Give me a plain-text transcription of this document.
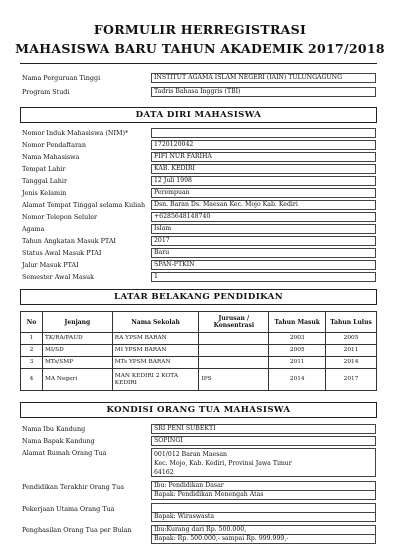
FORMULIR HERREGISTRASI
MAHASISWA BARU TAHUN AKADEMIK 2017/2018
Nama Perguruan Tinggi	INSTITUT AGAMA ISLAM NEGERI (IAIN) TULUNGAGUNG
Program Studi	Tadris Bahasa Inggris (TBI)
DATA DIRI MAHASISWA
Nomor Induk Mahasiswa (NIM)*
Nomor Pendaftaran	1720120042
Nama Mahasiswa	FIFI NUR FARIHA
Tempat Lahir	KAB. KEDIRI
Tanggal Lahir	12 Juli 1998
Jenis Kelamin	Perempuan
Alamat Tempat Tinggal selama Kuliah	Dsn. Baran Ds. Maesan Kec. Mojo Kab. Kediri
Nomor Telepon Seluler	+6285648148740
Agama	Islam
Tahun Angkatan Masuk PTAI	2017
Status Awal Masuk PTAI	Baru
Jalur Masuk PTAI	SPAN-PTKIN
Semester Awal Masuk	1
LATAR BELAKANG PENDIDIKAN
No	Jenjang	Nama Sekolah	Jurusan / Konsentrasi	Tahun Masuk	Tahun Lulus
1	TK/RA/PAUD	RA YPSM BARAN		2003	2005
2	MI/SD	MI YPSM BARAN		2005	2011
3	MTs/SMP	MTs YPSM BARAN		2011	2014
4	MA Negeri	MAN KEDIRI 2 KOTA KEDIRI	IPS	2014	2017
KONDISI ORANG TUA MAHASISWA
Nama Ibu Kandung	SRI PENI SUBEKTI
Nama Bapak Kandung	SOPINGI
Alamat Rumah Orang Tua	001/012 Baran Maesan
Kec. Mojo, Kab. Kediri, Provinsi Jawa Timur
64162
Pendidikan Terakhir Orang Tua	Ibu: Pendidikan Dasar
Bapak: Pendidikan Menengah Atas
Pekerjaan Utama Orang Tua
Bapak: Wiraswasta
Penghasilan Orang Tua per Bulan	Ibu:Kurang dari Rp. 500.000,
Bapak: Rp. 500.000,- sampai Rp. 999.999,-
